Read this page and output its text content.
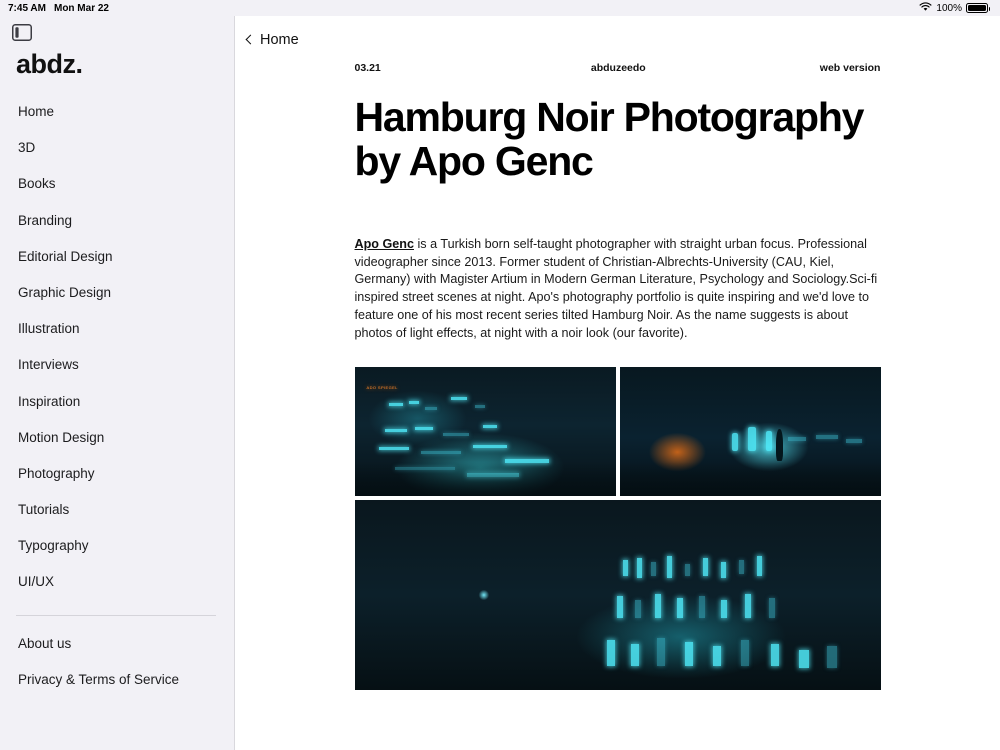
7:45 AM Mon Mar 22	100%
abdz.
Home
3D
Books
Branding
Editorial Design
Graphic Design
Illustration
Interviews
Inspiration
Motion Design
Photography
Tutorials
Typography
UI/UX
About us
Privacy & Terms of Service
Home
03.21	abduzeedo	web version
Hamburg Noir Photography by Apo Genc

Apo Genc is a Turkish born self-taught photographer with straight urban focus. Professional videographer since 2013. Former student of Christian-Albrechts-University (CAU, Kiel, Germany) with Magister Artium in Modern German Literature, Psychology and Sociology.Sci-fi inspired street scenes at night. Apo's photography portfolio is quite inspiring and we'd love to feature one of his most recent series tilted Hamburg Noir. As the name suggests is about photos of light effects, at night with a noir look (our favorite).

ADO SPIEGEL
